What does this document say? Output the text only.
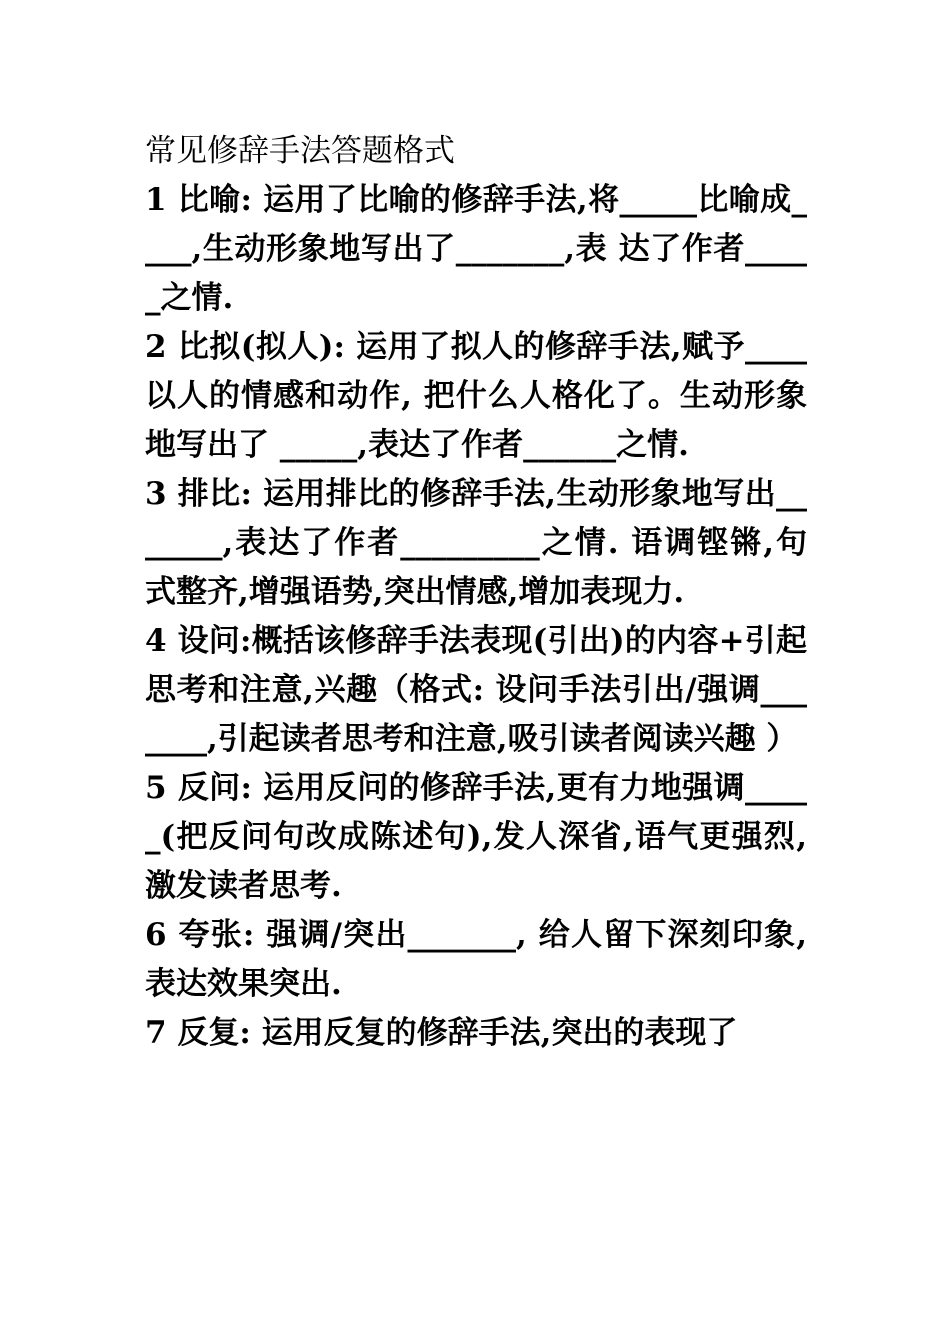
常见修辞手法答题格式

1 比喻: 运用了比喻的修辞手法,将_____比喻成____,生动形象地写出了_______,表 达了作者_____之情.

2 比拟(拟人): 运用了拟人的修辞手法,赋予____以人的情感和动作, 把什么人格化了。生动形象地写出了 _____,表达了作者______之情.

3 排比: 运用排比的修辞手法,生动形象地写出_______,表达了作者_________之情. 语调铿锵,句式整齐,增强语势,突出情感,增加表现力.

4 设问:概括该修辞手法表现(引出)的内容+引起思考和注意,兴趣（格式: 设问手法引出/强调_______,引起读者思考和注意,吸引读者阅读兴趣 ）

5 反问: 运用反问的修辞手法,更有力地强调_____(把反问句改成陈述句),发人深省,语气更强烈,激发读者思考.

6 夸张: 强调/突出_______, 给人留下深刻印象,表达效果突出.

7 反复: 运用反复的修辞手法,突出的表现了
